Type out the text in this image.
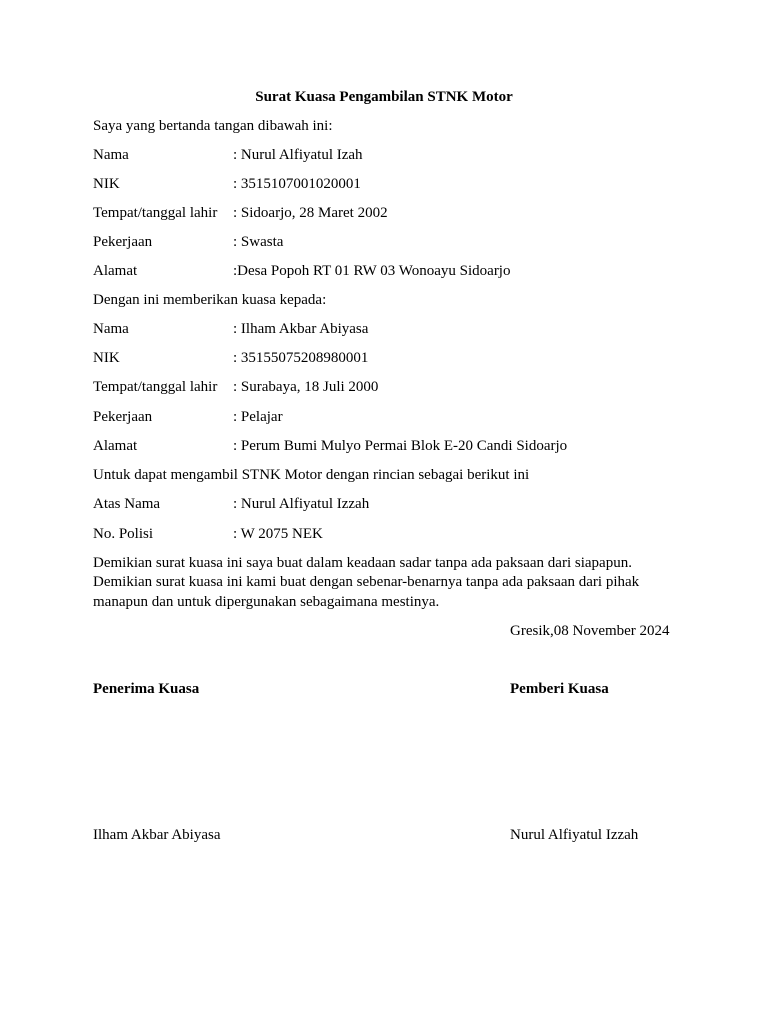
Surat Kuasa Pengambilan STNK Motor
Saya yang bertanda tangan dibawah ini:
Nama	: Nurul Alfiyatul Izah
NIK	: 3515107001020001
Tempat/tanggal lahir : Sidoarjo, 28 Maret 2002
Pekerjaan	: Swasta
Alamat	:Desa Popoh RT 01 RW 03 Wonoayu Sidoarjo
Dengan ini memberikan kuasa kepada:
Nama	: Ilham Akbar Abiyasa
NIK	: 35155075208980001
Tempat/tanggal lahir : Surabaya, 18 Juli 2000
Pekerjaan	: Pelajar
Alamat	: Perum Bumi Mulyo Permai Blok E-20 Candi Sidoarjo
Untuk dapat mengambil STNK Motor dengan rincian sebagai berikut ini
Atas Nama	: Nurul Alfiyatul Izzah
No. Polisi	: W 2075 NEK
Demikian surat kuasa ini saya buat dalam keadaan sadar tanpa ada paksaan dari siapapun.
Demikian surat kuasa ini kami buat dengan sebenar-benarnya tanpa ada paksaan dari pihak manapun dan untuk dipergunakan sebagaimana mestinya.
Gresik,08 November 2024
Penerima Kuasa	Pemberi Kuasa
Ilham Akbar Abiyasa	Nurul Alfiyatul Izzah
